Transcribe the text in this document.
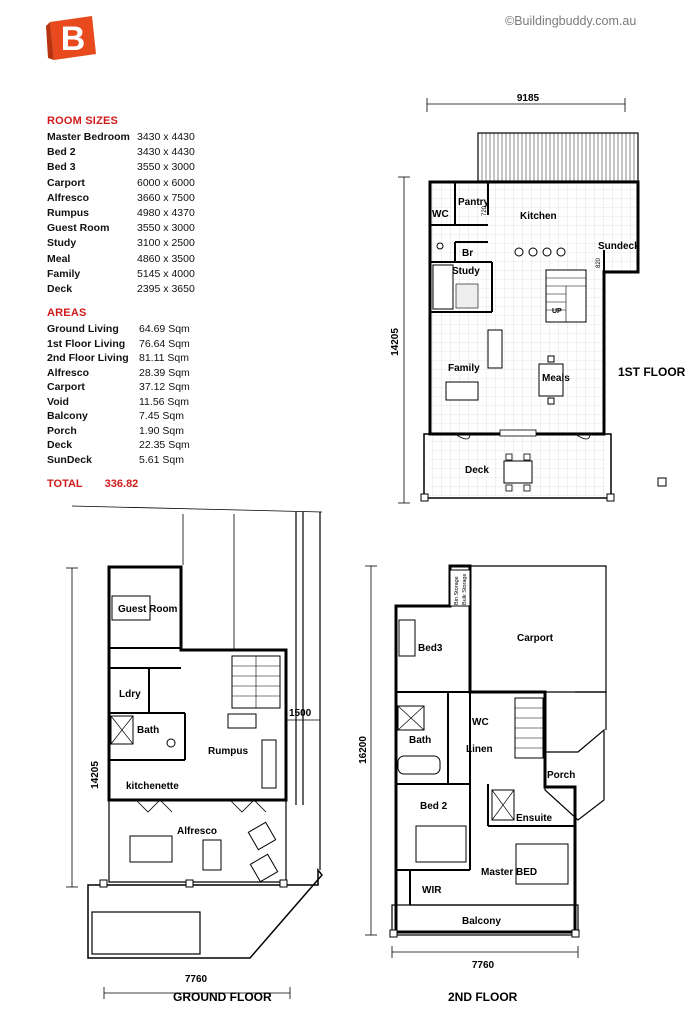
B	©Buildingbuddy.com.au
ROOM SIZES
Master Bedroom 3430 x 4430
Bed 2	3430 x 4430
Bed 3	3550 x 3000
Carport	6000 x 6000
Alfresco	3660 x 7500
Rumpus	4980 x 4370
Guest Room	3550 x 3000
Study	3100 x 2500
Meal	4860 x 3500
Family	5145 x 4000
Deck	2395 x 3650
AREAS
Ground Living	64.69 Sqm
1st Floor Living	76.64 Sqm
2nd Floor Living 81.11 Sqm
Alfresco	28.39 Sqm
Carport	37.12 Sqm
Void	11.56 Sqm
Balcony	7.45 Sqm
Porch	1.90 Sqm
Deck	22.35 Sqm
SunDeck	5.61 Sqm
TOTAL 336.82
9185
14205
UP
WC
Pantry
720
Kitchen
Sundeck
820
Br
Study
Family
Meals
Deck
1ST FLOOR
14205
1500
7760
Guest Room
Ldry
Bath
Rumpus
kitchenette
Alfresco
GROUND FLOOR
16200
Bin Storage Bulk Storage
7760
Bed3
Carport
WC
Bath
Linen
Porch
Bed 2
Ensuite
Master BED
WIR
Balcony
2ND FLOOR
